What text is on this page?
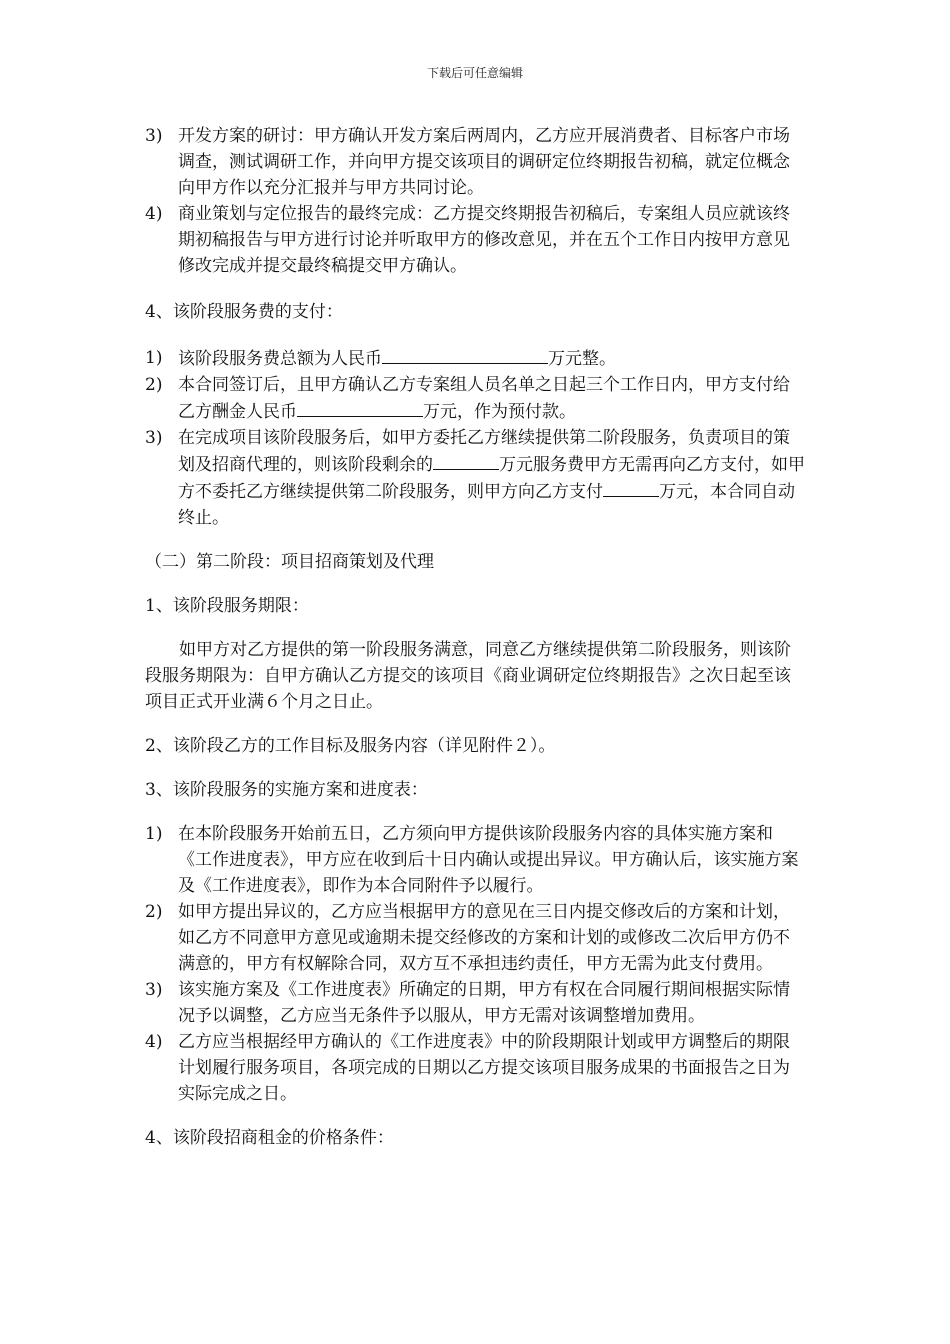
下载后可任意编辑
3) 开发方案的研讨：甲方确认开发方案后两周内，乙方应开展消费者、目标客户市场调查，测试调研工作，并向甲方提交该项目的调研定位终期报告初稿，就定位概念向甲方作以充分汇报并与甲方共同讨论。
4) 商业策划与定位报告的最终完成：乙方提交终期报告初稿后，专案组人员应就该终期初稿报告与甲方进行讨论并听取甲方的修改意见，并在五个工作日内按甲方意见修改完成并提交最终稿提交甲方确认。

4、该阶段服务费的支付：

1) 该阶段服务费总额为人民币	万元整。
2) 本合同签订后，且甲方确认乙方专案组人员名单之日起三个工作日内，甲方支付给乙方酬金人民币	万元，作为预付款。
3) 在完成项目该阶段服务后，如甲方委托乙方继续提供第二阶段服务，负责项目的策划及招商代理的，则该阶段剩余的	万元服务费甲方无需再向乙方支付，如甲方不委托乙方继续提供第二阶段服务，则甲方向乙方支付	万元，本合同自动终止。

（二）第二阶段：项目招商策划及代理

1、该阶段服务期限：

如甲方对乙方提供的第一阶段服务满意，同意乙方继续提供第二阶段服务，则该阶段服务期限为：自甲方确认乙方提交的该项目《商业调研定位终期报告》之次日起至该项目正式开业满６个月之日止。

2、该阶段乙方的工作目标及服务内容（详见附件２）。

3、该阶段服务的实施方案和进度表：

1) 在本阶段服务开始前五日，乙方须向甲方提供该阶段服务内容的具体实施方案和《工作进度表》，甲方应在收到后十日内确认或提出异议。甲方确认后，该实施方案及《工作进度表》，即作为本合同附件予以履行。
2) 如甲方提出异议的，乙方应当根据甲方的意见在三日内提交修改后的方案和计划，如乙方不同意甲方意见或逾期未提交经修改的方案和计划的或修改二次后甲方仍不满意的，甲方有权解除合同，双方互不承担违约责任，甲方无需为此支付费用。
3) 该实施方案及《工作进度表》所确定的日期，甲方有权在合同履行期间根据实际情况予以调整，乙方应当无条件予以服从，甲方无需对该调整增加费用。
4) 乙方应当根据经甲方确认的《工作进度表》中的阶段期限计划或甲方调整后的期限计划履行服务项目，各项完成的日期以乙方提交该项目服务成果的书面报告之日为实际完成之日。

4、该阶段招商租金的价格条件：
